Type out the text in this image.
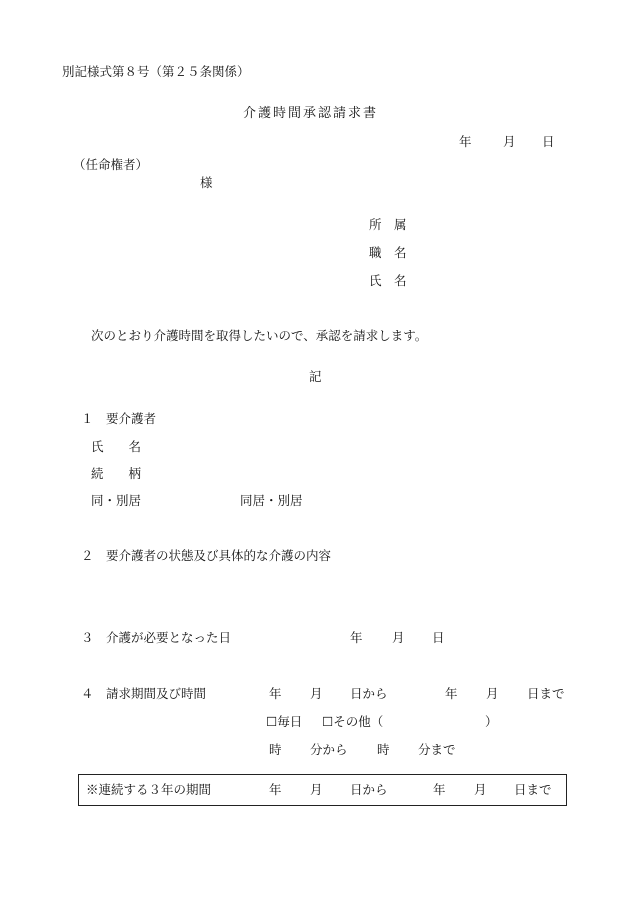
別記様式第８号（第２５条関係）
介護時間承認請求書
年	月 日
（任命権者）
様
所　属
職　名
氏　名
次のとおり介護時間を取得したいので、承認を請求します。
記
１　要介護者
氏　　名
続　　柄
同・別居	同居・別居
２　要介護者の状態及び具体的な介護の内容
３　介護が必要となった日	年 月 日
４　請求期間及び時間	年 月 日から	年 月 日まで
☐毎日 ☐その他（	）
時 分から 時 分まで
※連続する３年の期間	年 月 日から	年 月 日まで
